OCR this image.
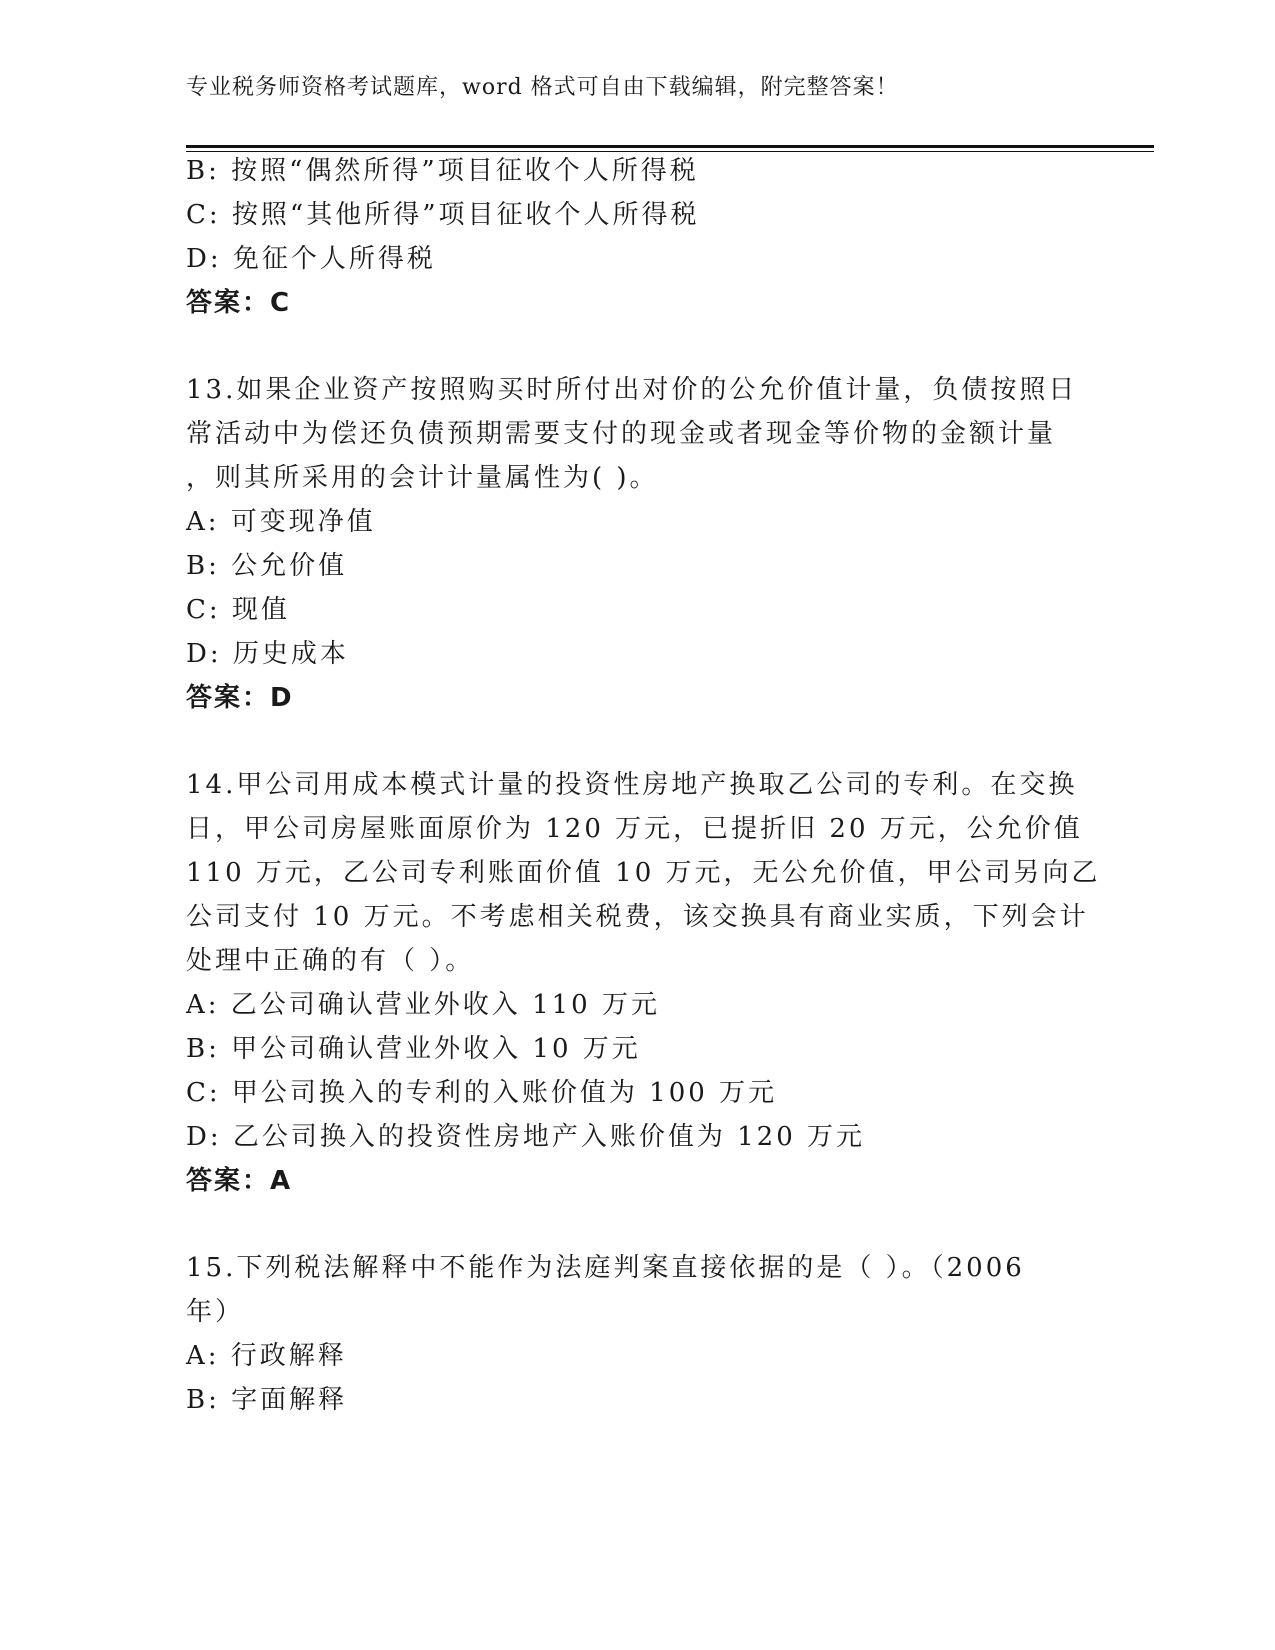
专业税务师资格考试题库，word 格式可自由下载编辑，附完整答案！
B: 按照“偶然所得”项目征收个人所得税
C: 按照“其他所得”项目征收个人所得税
D: 免征个人所得税
答案：C
13.如果企业资产按照购买时所付出对价的公允价值计量，负债按照日
常活动中为偿还负债预期需要支付的现金或者现金等价物的金额计量
，则其所采用的会计计量属性为( )。
A: 可变现净值
B: 公允价值
C: 现值
D: 历史成本
答案：D
14.甲公司用成本模式计量的投资性房地产换取乙公司的专利。在交换
日，甲公司房屋账面原价为 120 万元，已提折旧 20 万元，公允价值
110 万元，乙公司专利账面价值 10 万元，无公允价值，甲公司另向乙
公司支付 10 万元。不考虑相关税费，该交换具有商业实质，下列会计
处理中正确的有（ ）。
A: 乙公司确认营业外收入 110 万元
B: 甲公司确认营业外收入 10 万元
C: 甲公司换入的专利的入账价值为 100 万元
D: 乙公司换入的投资性房地产入账价值为 120 万元
答案：A
15.下列税法解释中不能作为法庭判案直接依据的是（ ）。（2006
年）
A: 行政解释
B: 字面解释
